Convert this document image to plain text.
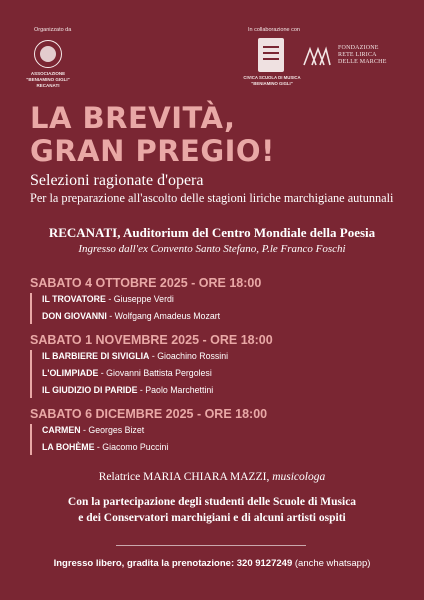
Organizzato da
ASSOCIAZIONE
"BENIAMINO GIGLI"
RECANATI
In collaborazione con
CIVICA SCUOLA DI MUSICA
"BENIAMINO GIGLI"
FONDAZIONE
RETE LIRICA
DELLE MARCHE
LA BREVITÀ,
GRAN PREGIO!
Selezioni ragionate d'opera
Per la preparazione all'ascolto delle stagioni liriche marchigiane autunnali
RECANATI, Auditorium del Centro Mondiale della Poesia
Ingresso dall'ex Convento Santo Stefano, P.le Franco Foschi
SABATO 4 OTTOBRE 2025 - ORE 18:00
IL TROVATORE - Giuseppe Verdi
DON GIOVANNI - Wolfgang Amadeus Mozart
SABATO 1 NOVEMBRE 2025 - ORE 18:00
IL BARBIERE DI SIVIGLIA - Gioachino Rossini
L'OLIMPIADE - Giovanni Battista Pergolesi
IL GIUDIZIO DI PARIDE - Paolo Marchettini
SABATO 6 DICEMBRE 2025 - ORE 18:00
CARMEN - Georges Bizet
LA BOHÈME - Giacomo Puccini
Relatrice MARIA CHIARA MAZZI, musicologa
Con la partecipazione degli studenti delle Scuole di Musica
e dei Conservatori marchigiani e di alcuni artisti ospiti
Ingresso libero, gradita la prenotazione: 320 9127249 (anche whatsapp)
